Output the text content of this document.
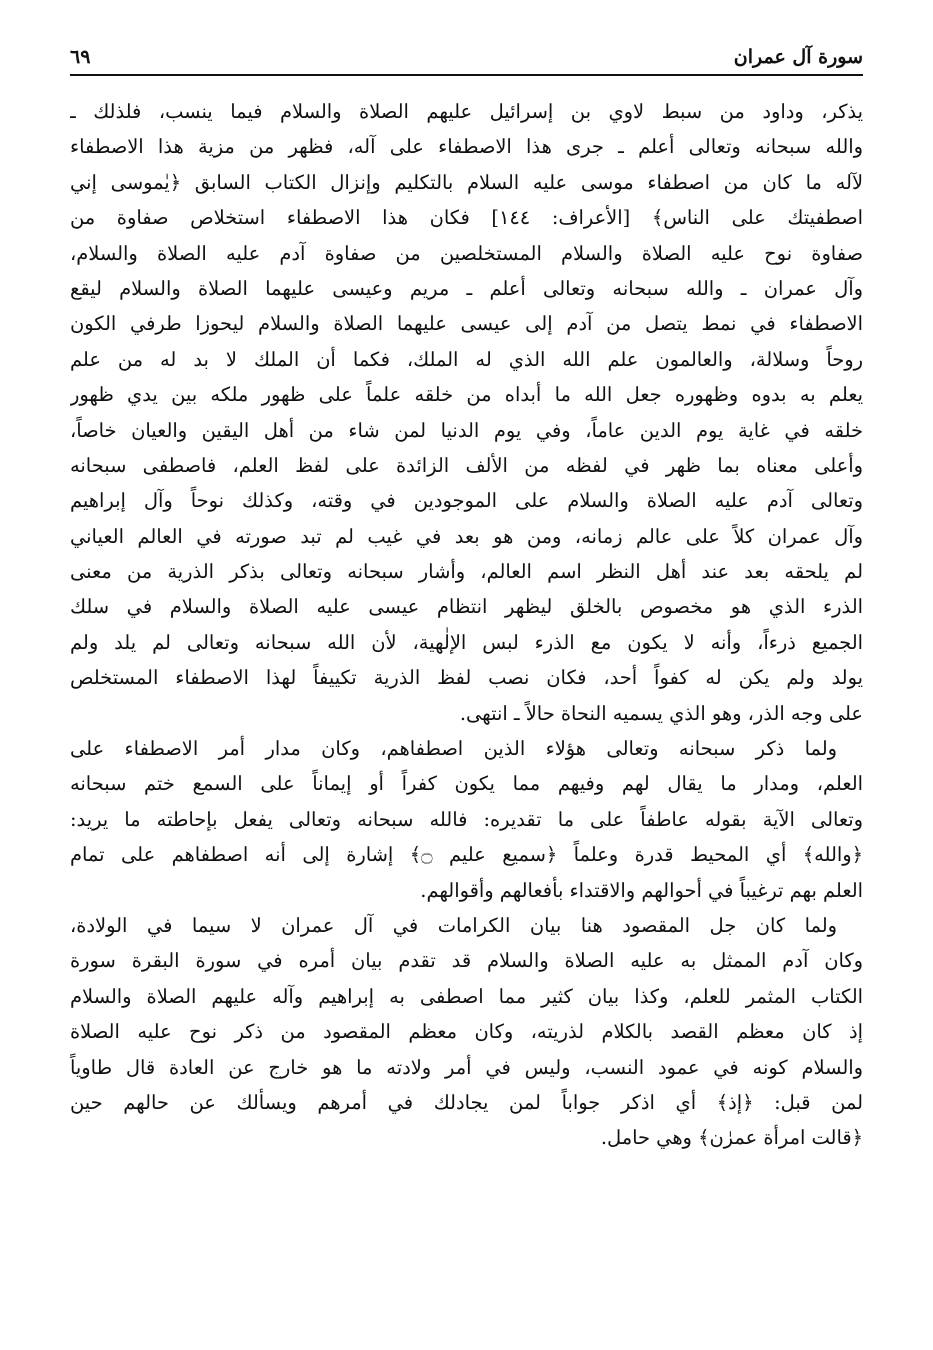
سورة آل عمران
٦٩
يذكر، وداود من سبط لاوي بن إسرائيل عليهم الصلاة والسلام فيما ينسب، فلذلك ـ
والله سبحانه وتعالى أعلم ـ جرى هذا الاصطفاء على آله، فظهر من مزية هذا الاصطفاء
لآله ما كان من اصطفاء موسى عليه السلام بالتكليم وإنزال الكتاب السابق ﴿يٰموسى إني
اصطفيتك على الناس﴾ [الأعراف: ١٤٤] فكان هذا الاصطفاء استخلاص صفاوة من
صفاوة نوح عليه الصلاة والسلام المستخلصين من صفاوة آدم عليه الصلاة والسلام،
وآل عمران ـ والله سبحانه وتعالى أعلم ـ مريم وعيسى عليهما الصلاة والسلام ليقع
الاصطفاء في نمط يتصل من آدم إلى عيسى عليهما الصلاة والسلام ليحوزا طرفي الكون
روحاً وسلالة، والعالمون علم الله الذي له الملك، فكما أن الملك لا بد له من علم
يعلم به بدوه وظهوره جعل الله ما أبداه من خلقه علماً على ظهور ملكه بين يدي ظهور
خلقه في غاية يوم الدين عاماً، وفي يوم الدنيا لمن شاء من أهل اليقين والعيان خاصاً،
وأعلى معناه بما ظهر في لفظه من الألف الزائدة على لفظ العلم، فاصطفى سبحانه
وتعالى آدم عليه الصلاة والسلام على الموجودين في وقته، وكذلك نوحاً وآل إبراهيم
وآل عمران كلاً على عالم زمانه، ومن هو بعد في غيب لم تبد صورته في العالم العياني
لم يلحقه بعد عند أهل النظر اسم العالم، وأشار سبحانه وتعالى بذكر الذرية من معنى
الذرء الذي هو مخصوص بالخلق ليظهر انتظام عيسى عليه الصلاة والسلام في سلك
الجميع ذرءاً، وأنه لا يكون مع الذرء لبس الإلٰهية، لأن الله سبحانه وتعالى لم يلد ولم
يولد ولم يكن له كفواً أحد، فكان نصب لفظ الذرية تكييفاً لهذا الاصطفاء المستخلص
على وجه الذر، وهو الذي يسميه النحاة حالاً ـ انتهى.
ولما ذكر سبحانه وتعالى هؤلاء الذين اصطفاهم، وكان مدار أمر الاصطفاء على
العلم، ومدار ما يقال لهم وفيهم مما يكون كفراً أو إيماناً على السمع ختم سبحانه
وتعالى الآية بقوله عاطفاً على ما تقديره: فالله سبحانه وتعالى يفعل بإحاطته ما يريد:
﴿والله﴾ أي المحيط قدرة وعلماً ﴿سميع عليم ۝﴾ إشارة إلى أنه اصطفاهم على تمام
العلم بهم ترغيباً في أحوالهم والاقتداء بأفعالهم وأقوالهم.
ولما كان جل المقصود هنا بيان الكرامات في آل عمران لا سيما في الولادة،
وكان آدم الممثل به عليه الصلاة والسلام قد تقدم بيان أمره في سورة البقرة سورة
الكتاب المثمر للعلم، وكذا بيان كثير مما اصطفى به إبراهيم وآله عليهم الصلاة والسلام
إذ كان معظم القصد بالكلام لذريته، وكان معظم المقصود من ذكر نوح عليه الصلاة
والسلام كونه في عمود النسب، وليس في أمر ولادته ما هو خارج عن العادة قال طاوياً
لمن قبل: ﴿إذ﴾ أي اذكر جواباً لمن يجادلك في أمرهم ويسألك عن حالهم حين
﴿قالت امرأة عمرٰن﴾ وهي حامل.
